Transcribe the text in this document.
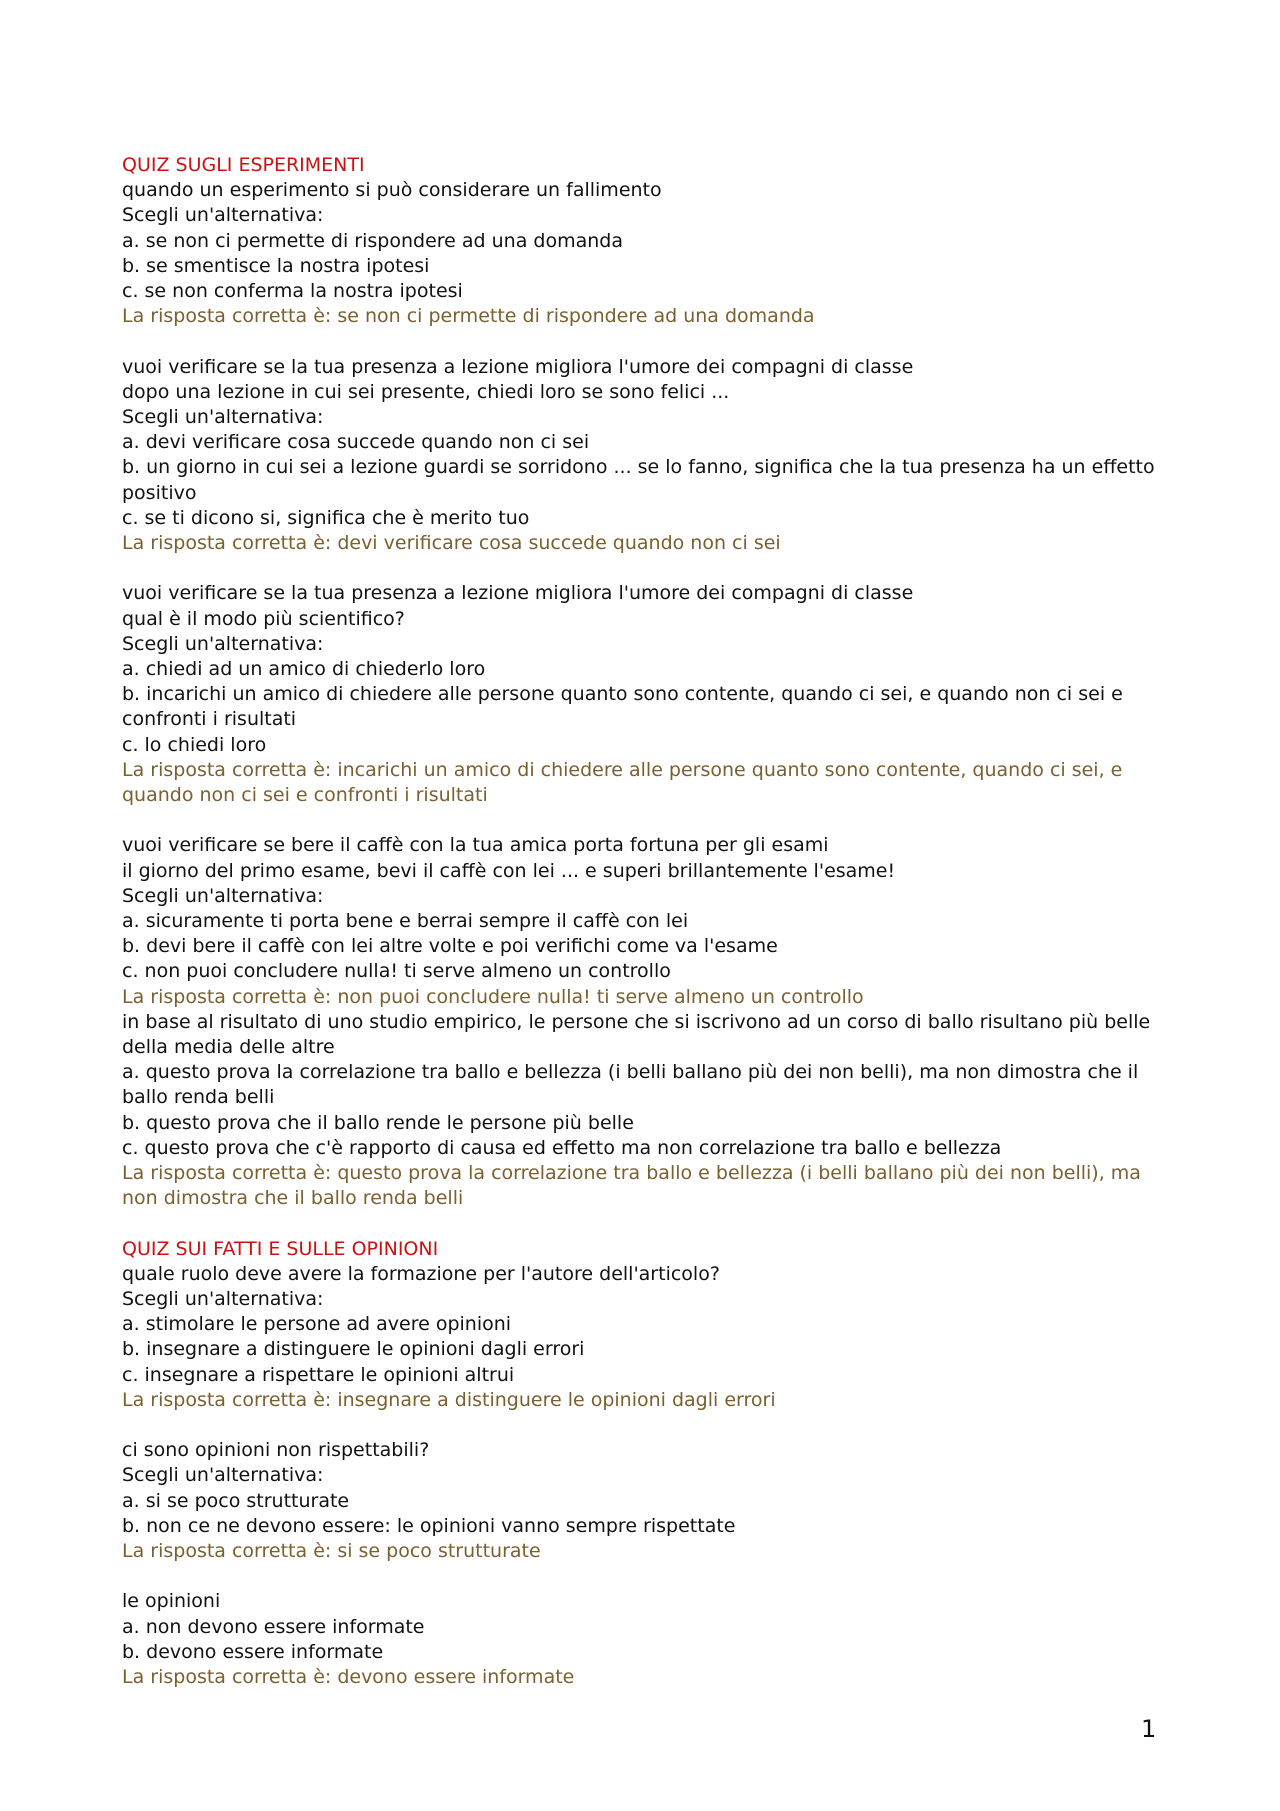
QUIZ SUGLI ESPERIMENTI
quando un esperimento si può considerare un fallimento
Scegli un'alternativa:
a. se non ci permette di rispondere ad una domanda
b. se smentisce la nostra ipotesi
c. se non conferma la nostra ipotesi
La risposta corretta è: se non ci permette di rispondere ad una domanda
vuoi verificare se la tua presenza a lezione migliora l'umore dei compagni di classe
dopo una lezione in cui sei presente, chiedi loro se sono felici ...
Scegli un'alternativa:
a. devi verificare cosa succede quando non ci sei
b. un giorno in cui sei a lezione guardi se sorridono ... se lo fanno, significa che la tua presenza ha un effetto positivo
c. se ti dicono si, significa che è merito tuo
La risposta corretta è: devi verificare cosa succede quando non ci sei
vuoi verificare se la tua presenza a lezione migliora l'umore dei compagni di classe
qual è il modo più scientifico?
Scegli un'alternativa:
a. chiedi ad un amico di chiederlo loro
b. incarichi un amico di chiedere alle persone quanto sono contente, quando ci sei, e quando non ci sei e confronti i risultati
c. lo chiedi loro
La risposta corretta è: incarichi un amico di chiedere alle persone quanto sono contente, quando ci sei, e quando non ci sei e confronti i risultati
vuoi verificare se bere il caffè con la tua amica porta fortuna per gli esami
il giorno del primo esame, bevi il caffè con lei ... e superi brillantemente l'esame!
Scegli un'alternativa:
a. sicuramente ti porta bene e berrai sempre il caffè con lei
b. devi bere il caffè con lei altre volte e poi verifichi come va l'esame
c. non puoi concludere nulla! ti serve almeno un controllo
La risposta corretta è: non puoi concludere nulla! ti serve almeno un controllo
in base al risultato di uno studio empirico, le persone che si iscrivono ad un corso di ballo risultano più belle della media delle altre
a. questo prova la correlazione tra ballo e bellezza (i belli ballano più dei non belli), ma non dimostra che il ballo renda belli
b. questo prova che il ballo rende le persone più belle
c. questo prova che c'è rapporto di causa ed effetto ma non correlazione tra ballo e bellezza
La risposta corretta è: questo prova la correlazione tra ballo e bellezza (i belli ballano più dei non belli), ma non dimostra che il ballo renda belli
QUIZ SUI FATTI E SULLE OPINIONI
quale ruolo deve avere la formazione per l'autore dell'articolo?
Scegli un'alternativa:
a. stimolare le persone ad avere opinioni
b. insegnare a distinguere le opinioni dagli errori
c. insegnare a rispettare le opinioni altrui
La risposta corretta è: insegnare a distinguere le opinioni dagli errori
ci sono opinioni non rispettabili?
Scegli un'alternativa:
a. si se poco strutturate
b. non ce ne devono essere: le opinioni vanno sempre rispettate
La risposta corretta è: si se poco strutturate
le opinioni
a. non devono essere informate
b. devono essere informate
La risposta corretta è: devono essere informate
1
